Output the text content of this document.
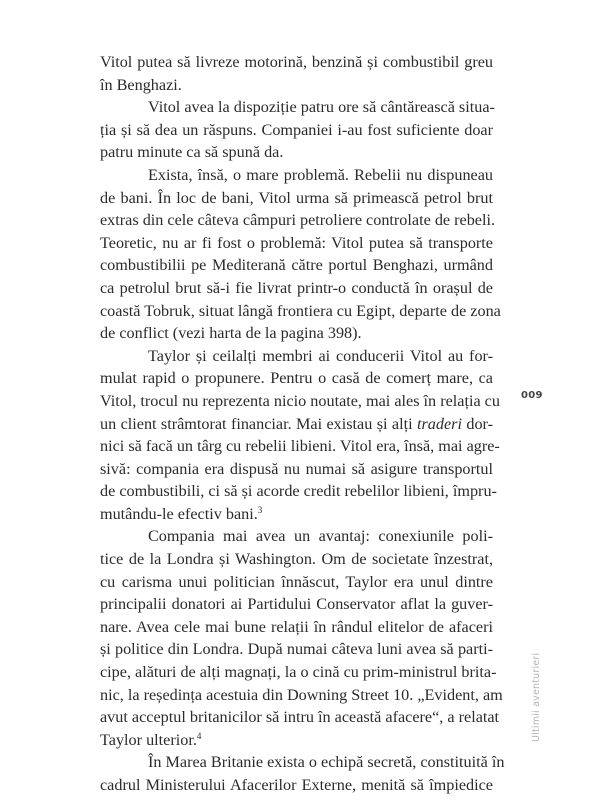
Vitol putea să livreze motorină, benzină și combustibil greu
în Benghazi.
Vitol avea la dispoziție patru ore să cântărească situa-
ția și să dea un răspuns. Companiei i-au fost suficiente doar
patru minute ca să spună da.
Exista, însă, o mare problemă. Rebelii nu dispuneau
de bani. În loc de bani, Vitol urma să primească petrol brut
extras din cele câteva câmpuri petroliere controlate de rebeli.
Teoretic, nu ar fi fost o problemă: Vitol putea să transporte
combustibilii pe Mediterană către portul Benghazi, urmând
ca petrolul brut să-i fie livrat printr-o conductă în orașul de
coastă Tobruk, situat lângă frontiera cu Egipt, departe de zona
de conflict (vezi harta de la pagina 398).
Taylor și ceilalți membri ai conducerii Vitol au for-
mulat rapid o propunere. Pentru o casă de comerț mare, ca
Vitol, trocul nu reprezenta nicio noutate, mai ales în relația cu
un client strâmtorat financiar. Mai existau și alți traderi dor-
nici să facă un târg cu rebelii libieni. Vitol era, însă, mai agre-
sivă: compania era dispusă nu numai să asigure transportul
de combustibili, ci să și acorde credit rebelilor libieni, împru-
mutându-le efectiv bani.$^3$
Compania mai avea un avantaj: conexiunile poli-
tice de la Londra și Washington. Om de societate înzestrat,
cu carisma unui politician înnăscut, Taylor era unul dintre
principalii donatori ai Partidului Conservator aflat la guver-
nare. Avea cele mai bune relații în rândul elitelor de afaceri
și politice din Londra. După numai câteva luni avea să parti-
cipe, alături de alți magnați, la o cină cu prim-ministrul brita-
nic, la reședința acestuia din Downing Street 10. „Evident, am
avut acceptul britanicilor să intru în această afacere“, a relatat
Taylor ulterior.$^4$
În Marea Britanie exista o echipă secretă, constituită în
cadrul Ministerului Afacerilor Externe, menită să împiedice
009
Ultimii aventurieri
